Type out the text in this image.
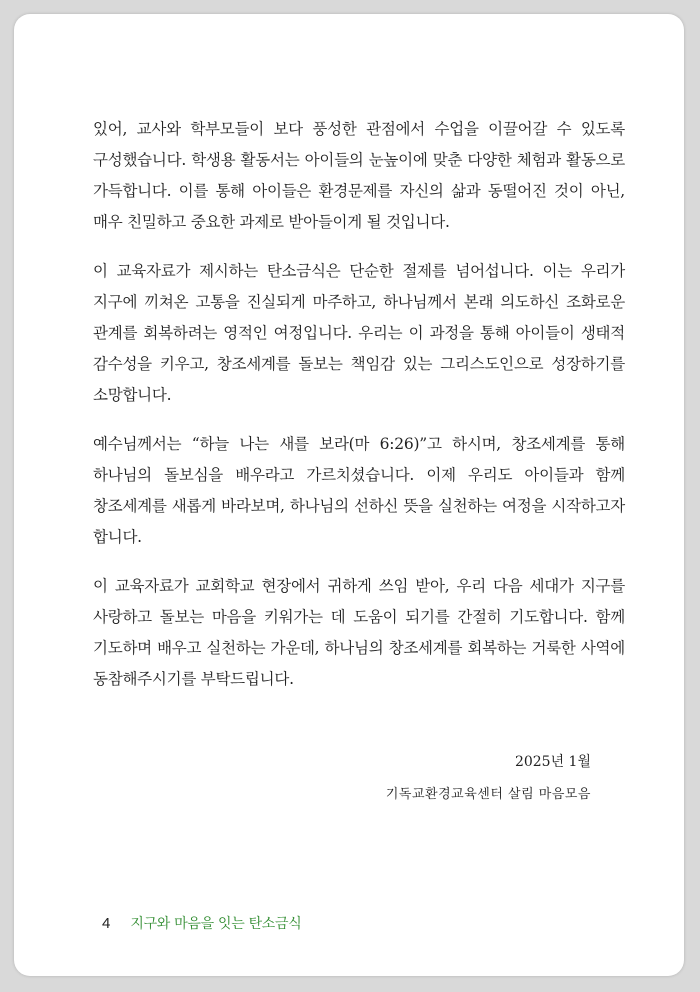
있어, 교사와 학부모들이 보다 풍성한 관점에서 수업을 이끌어갈 수 있도록 구성했습니다. 학생용 활동서는 아이들의 눈높이에 맞춘 다양한 체험과 활동으로 가득합니다. 이를 통해 아이들은 환경문제를 자신의 삶과 동떨어진 것이 아닌, 매우 친밀하고 중요한 과제로 받아들이게 될 것입니다.

이 교육자료가 제시하는 탄소금식은 단순한 절제를 넘어섭니다. 이는 우리가 지구에 끼쳐온 고통을 진실되게 마주하고, 하나님께서 본래 의도하신 조화로운 관계를 회복하려는 영적인 여정입니다. 우리는 이 과정을 통해 아이들이 생태적 감수성을 키우고, 창조세계를 돌보는 책임감 있는 그리스도인으로 성장하기를 소망합니다.

예수님께서는 “하늘 나는 새를 보라(마 6:26)”고 하시며, 창조세계를 통해 하나님의 돌보심을 배우라고 가르치셨습니다. 이제 우리도 아이들과 함께 창조세계를 새롭게 바라보며, 하나님의 선하신 뜻을 실천하는 여정을 시작하고자 합니다.

이 교육자료가 교회학교 현장에서 귀하게 쓰임 받아, 우리 다음 세대가 지구를 사랑하고 돌보는 마음을 키워가는 데 도움이 되기를 간절히 기도합니다. 함께 기도하며 배우고 실천하는 가운데, 하나님의 창조세계를 회복하는 거룩한 사역에 동참해주시기를 부탁드립니다.

2025년 1월
기독교환경교육센터 살림 마음모음
4 지구와 마음을 잇는 탄소금식
